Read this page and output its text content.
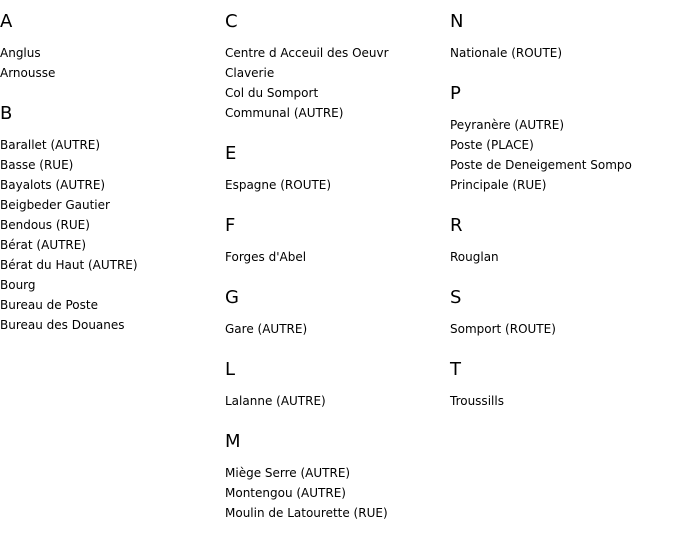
A
Anglus
Arnousse
B
Barallet (AUTRE)
Basse (RUE)
Bayalots (AUTRE)
Beigbeder Gautier
Bendous (RUE)
Bérat (AUTRE)
Bérat du Haut (AUTRE)
Bourg
Bureau de Poste
Bureau des Douanes
C
Centre d Acceuil des Oeuvr
Claverie
Col du Somport
Communal (AUTRE)
E
Espagne (ROUTE)
F
Forges d'Abel
G
Gare (AUTRE)
L
Lalanne (AUTRE)
M
Miège Serre (AUTRE)
Montengou (AUTRE)
Moulin de Latourette (RUE)
N
Nationale (ROUTE)
P
Peyranère (AUTRE)
Poste (PLACE)
Poste de Deneigement Sompo
Principale (RUE)
R
Rouglan
S
Somport (ROUTE)
T
Troussills
